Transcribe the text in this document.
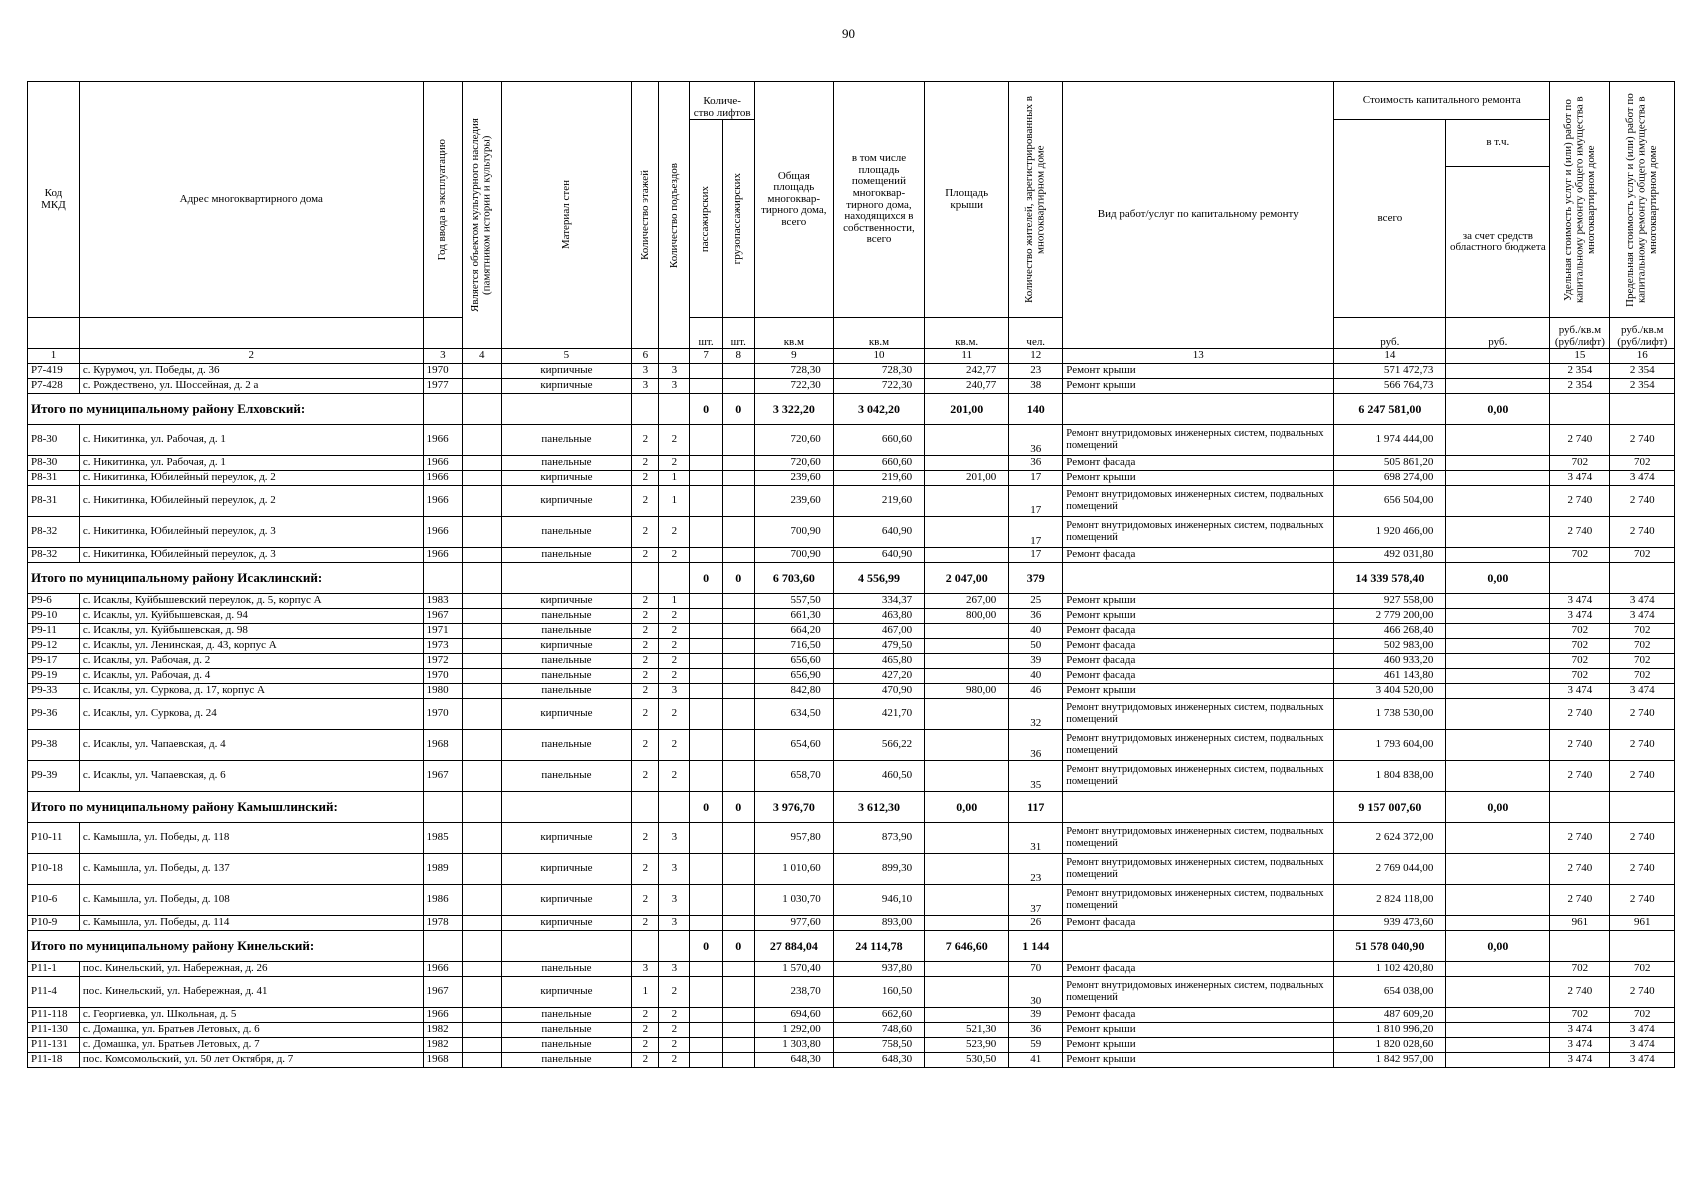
90
Код МКД	Адрес многоквартирного дома	Год ввода в эксплуатацию	Является объектом культурного наследия (памятником истории и культуры)	Материал стен	Количество этажей	Количество подъездов	Количе- ство лифтов		Общая площадь многоквар- тирного дома, всего	в том числе площадь помещений многоквар- тирного дома, находящихся в собственности, всего	Площадь крыши	Количество жителей, зарегистрированных в многоквартирном доме	Вид работ/услуг по капитальному ремонту	Стоимость капитального ремонта		Удельная стоимость услуг и (или) работ по капитальному ремонту общего имущества в многоквартирном доме	Предельная стоимость услуг и (или) работ по капитальному ремонту общего имущества в многоквартирном доме

							пассажирских	грузопассажирских						всего	в т.ч.		
															за счет средств областного бюджета		
							шт.	шт.	кв.м	кв.м	кв.м.	чел.		руб.	руб.	руб./кв.м (руб/лифт)	руб./кв.м (руб/лифт)
1	2	3	4	5	6		7	8	9	10	11	12	13	14		15	16
Р7-419	с. Курумоч, ул. Победы, д. 36	1970		кирпичные	3	3			728,30	728,30	242,77	23	Ремонт крыши	571 472,73		2 354	2 354
Р7-428	с. Рождествено, ул. Шоссейная, д. 2 а	1977		кирпичные	3	3			722,30	722,30	240,77	38	Ремонт крыши	566 764,73		2 354	2 354
Итого по муниципальному району Елховский:							0	0	3 322,20	3 042,20	201,00	140		6 247 581,00	0,00		
Р8-30	с. Никитинка, ул. Рабочая, д. 1	1966		панельные	2	2			720,60	660,60		36	Ремонт внутридомовых инженерных систем, подвальных помещений	1 974 444,00		2 740	2 740
Р8-30	с. Никитинка, ул. Рабочая, д. 1	1966		панельные	2	2			720,60	660,60		36	Ремонт фасада	505 861,20		702	702
Р8-31	с. Никитинка, Юбилейный переулок, д. 2	1966		кирпичные	2	1			239,60	219,60	201,00	17	Ремонт крыши	698 274,00		3 474	3 474
Р8-31	с. Никитинка, Юбилейный переулок, д. 2	1966		кирпичные	2	1			239,60	219,60		17	Ремонт внутридомовых инженерных систем, подвальных помещений	656 504,00		2 740	2 740
Р8-32	с. Никитинка, Юбилейный переулок, д. 3	1966		панельные	2	2			700,90	640,90		17	Ремонт внутридомовых инженерных систем, подвальных помещений	1 920 466,00		2 740	2 740
Р8-32	с. Никитинка, Юбилейный переулок, д. 3	1966		панельные	2	2			700,90	640,90		17	Ремонт фасада	492 031,80		702	702
Итого по муниципальному району Исаклинский:							0	0	6 703,60	4 556,99	2 047,00	379		14 339 578,40	0,00		
Р9-6	с. Исаклы, Куйбышевский переулок, д. 5, корпус А	1983		кирпичные	2	1			557,50	334,37	267,00	25	Ремонт крыши	927 558,00		3 474	3 474
Р9-10	с. Исаклы, ул. Куйбышевская, д. 94	1967		панельные	2	2			661,30	463,80	800,00	36	Ремонт крыши	2 779 200,00		3 474	3 474
Р9-11	с. Исаклы, ул. Куйбышевская, д. 98	1971		панельные	2	2			664,20	467,00		40	Ремонт фасада	466 268,40		702	702
Р9-12	с. Исаклы, ул. Ленинская, д. 43, корпус А	1973		кирпичные	2	2			716,50	479,50		50	Ремонт фасада	502 983,00		702	702
Р9-17	с. Исаклы, ул. Рабочая, д. 2	1972		панельные	2	2			656,60	465,80		39	Ремонт фасада	460 933,20		702	702
Р9-19	с. Исаклы, ул. Рабочая, д. 4	1970		панельные	2	2			656,90	427,20		40	Ремонт фасада	461 143,80		702	702
Р9-33	с. Исаклы, ул. Суркова, д. 17, корпус А	1980		панельные	2	3			842,80	470,90	980,00	46	Ремонт крыши	3 404 520,00		3 474	3 474
Р9-36	с. Исаклы, ул. Суркова, д. 24	1970		кирпичные	2	2			634,50	421,70		32	Ремонт внутридомовых инженерных систем, подвальных помещений	1 738 530,00		2 740	2 740
Р9-38	с. Исаклы, ул. Чапаевская, д. 4	1968		панельные	2	2			654,60	566,22		36	Ремонт внутридомовых инженерных систем, подвальных помещений	1 793 604,00		2 740	2 740
Р9-39	с. Исаклы, ул. Чапаевская, д. 6	1967		панельные	2	2			658,70	460,50		35	Ремонт внутридомовых инженерных систем, подвальных помещений	1 804 838,00		2 740	2 740
Итого по муниципальному району Камышлинский:							0	0	3 976,70	3 612,30	0,00	117		9 157 007,60	0,00		
Р10-11	с. Камышла, ул. Победы, д. 118	1985		кирпичные	2	3			957,80	873,90		31	Ремонт внутридомовых инженерных систем, подвальных помещений	2 624 372,00		2 740	2 740
Р10-18	с. Камышла, ул. Победы, д. 137	1989		кирпичные	2	3			1 010,60	899,30		23	Ремонт внутридомовых инженерных систем, подвальных помещений	2 769 044,00		2 740	2 740
Р10-6	с. Камышла, ул. Победы, д. 108	1986		кирпичные	2	3			1 030,70	946,10		37	Ремонт внутридомовых инженерных систем, подвальных помещений	2 824 118,00		2 740	2 740
Р10-9	с. Камышла, ул. Победы, д. 114	1978		кирпичные	2	3			977,60	893,00		26	Ремонт фасада	939 473,60		961	961
Итого по муниципальному району Кинельский:							0	0	27 884,04	24 114,78	7 646,60	1 144		51 578 040,90	0,00		
Р11-1	пос. Кинельский, ул. Набережная, д. 26	1966		панельные	3	3			1 570,40	937,80		70	Ремонт фасада	1 102 420,80		702	702
Р11-4	пос. Кинельский, ул. Набережная, д. 41	1967		кирпичные	1	2			238,70	160,50		30	Ремонт внутридомовых инженерных систем, подвальных помещений	654 038,00		2 740	2 740
Р11-118	с. Георгиевка, ул. Школьная, д. 5	1966		панельные	2	2			694,60	662,60		39	Ремонт фасада	487 609,20		702	702
Р11-130	с. Домашка, ул. Братьев Летовых, д. 6	1982		панельные	2	2			1 292,00	748,60	521,30	36	Ремонт крыши	1 810 996,20		3 474	3 474
Р11-131	с. Домашка, ул. Братьев Летовых, д. 7	1982		панельные	2	2			1 303,80	758,50	523,90	59	Ремонт крыши	1 820 028,60		3 474	3 474
Р11-18	пос. Комсомольский, ул. 50 лет Октября, д. 7	1968		панельные	2	2			648,30	648,30	530,50	41	Ремонт крыши	1 842 957,00		3 474	3 474
